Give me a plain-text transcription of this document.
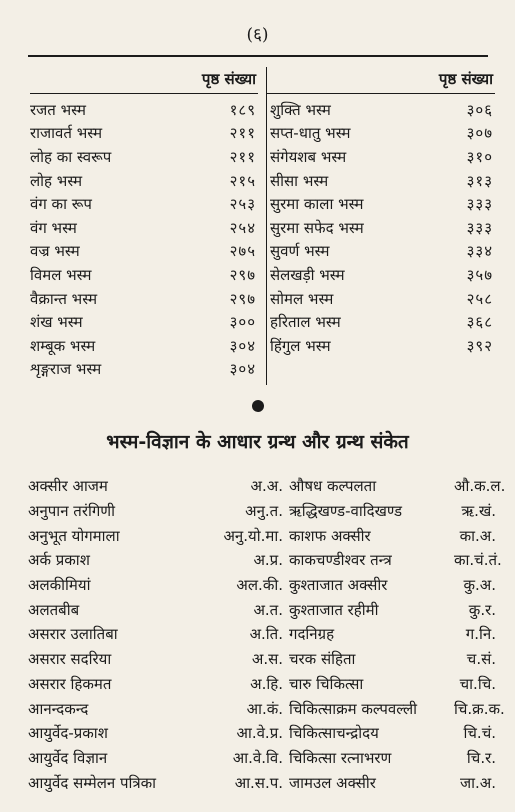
(६)
पृष्ठ संख्या
रजत भस्म	१८९
राजावर्त भस्म	२११
लोह का स्वरूप	२११
लोह भस्म	२१५
वंग का रूप	२५३
वंग भस्म	२५४
वज्र भस्म	२७५
विमल भस्म	२९७
वैक्रान्त भस्म	२९७
शंख भस्म	३००
शम्बूक भस्म	३०४
शृङ्गराज भस्म	३०४
पृष्ठ संख्या
शुक्ति भस्म	३०६
सप्त-धातु भस्म	३०७
संगेयशब भस्म	३१०
सीसा भस्म	३१३
सुरमा काला भस्म	३३३
सुरमा सफेद भस्म	३३३
सुवर्ण भस्म	३३४
सेलखड़ी भस्म	३५७
सोमल भस्म	२५८
हरिताल भस्म	३६८
हिंगुल भस्म	३९२
भस्म-विज्ञान के आधार ग्रन्थ और ग्रन्थ संकेत
अक्सीर आजम	अ.अ. औषध कल्पलता	औ.क.ल.
अनुपान तरंगिणी	अनु.त. ऋद्धिखण्ड-वादिखण्ड	ऋ.खं.
अनुभूत योगमाला	अनु.यो.मा. काशफ अक्सीर	का.अ.
अर्क प्रकाश	अ.प्र. काकचण्डीश्वर तन्त्र	का.चं.तं.
अलकीमियां	अल.की. कुश्ताजात अक्सीर	कु.अ.
अलतबीब	अ.त. कुश्ताजात रहीमी	कु.र.
असरार उलातिबा	अ.ति. गदनिग्रह	ग.नि.
असरार सदरिया	अ.स. चरक संहिता	च.सं.
असरार हिकमत	अ.हि. चारु चिकित्सा	चा.चि.
आनन्दकन्द	आ.कं. चिकित्साक्रम कल्पवल्ली	चि.क्र.क.
आयुर्वेद-प्रकाश	आ.वे.प्र. चिकित्साचन्द्रोदय	चि.चं.
आयुर्वेद विज्ञान	आ.वे.वि. चिकित्सा रत्नाभरण	चि.र.
आयुर्वेद सम्मेलन पत्रिका	आ.स.प. जामउल अक्सीर	जा.अ.
